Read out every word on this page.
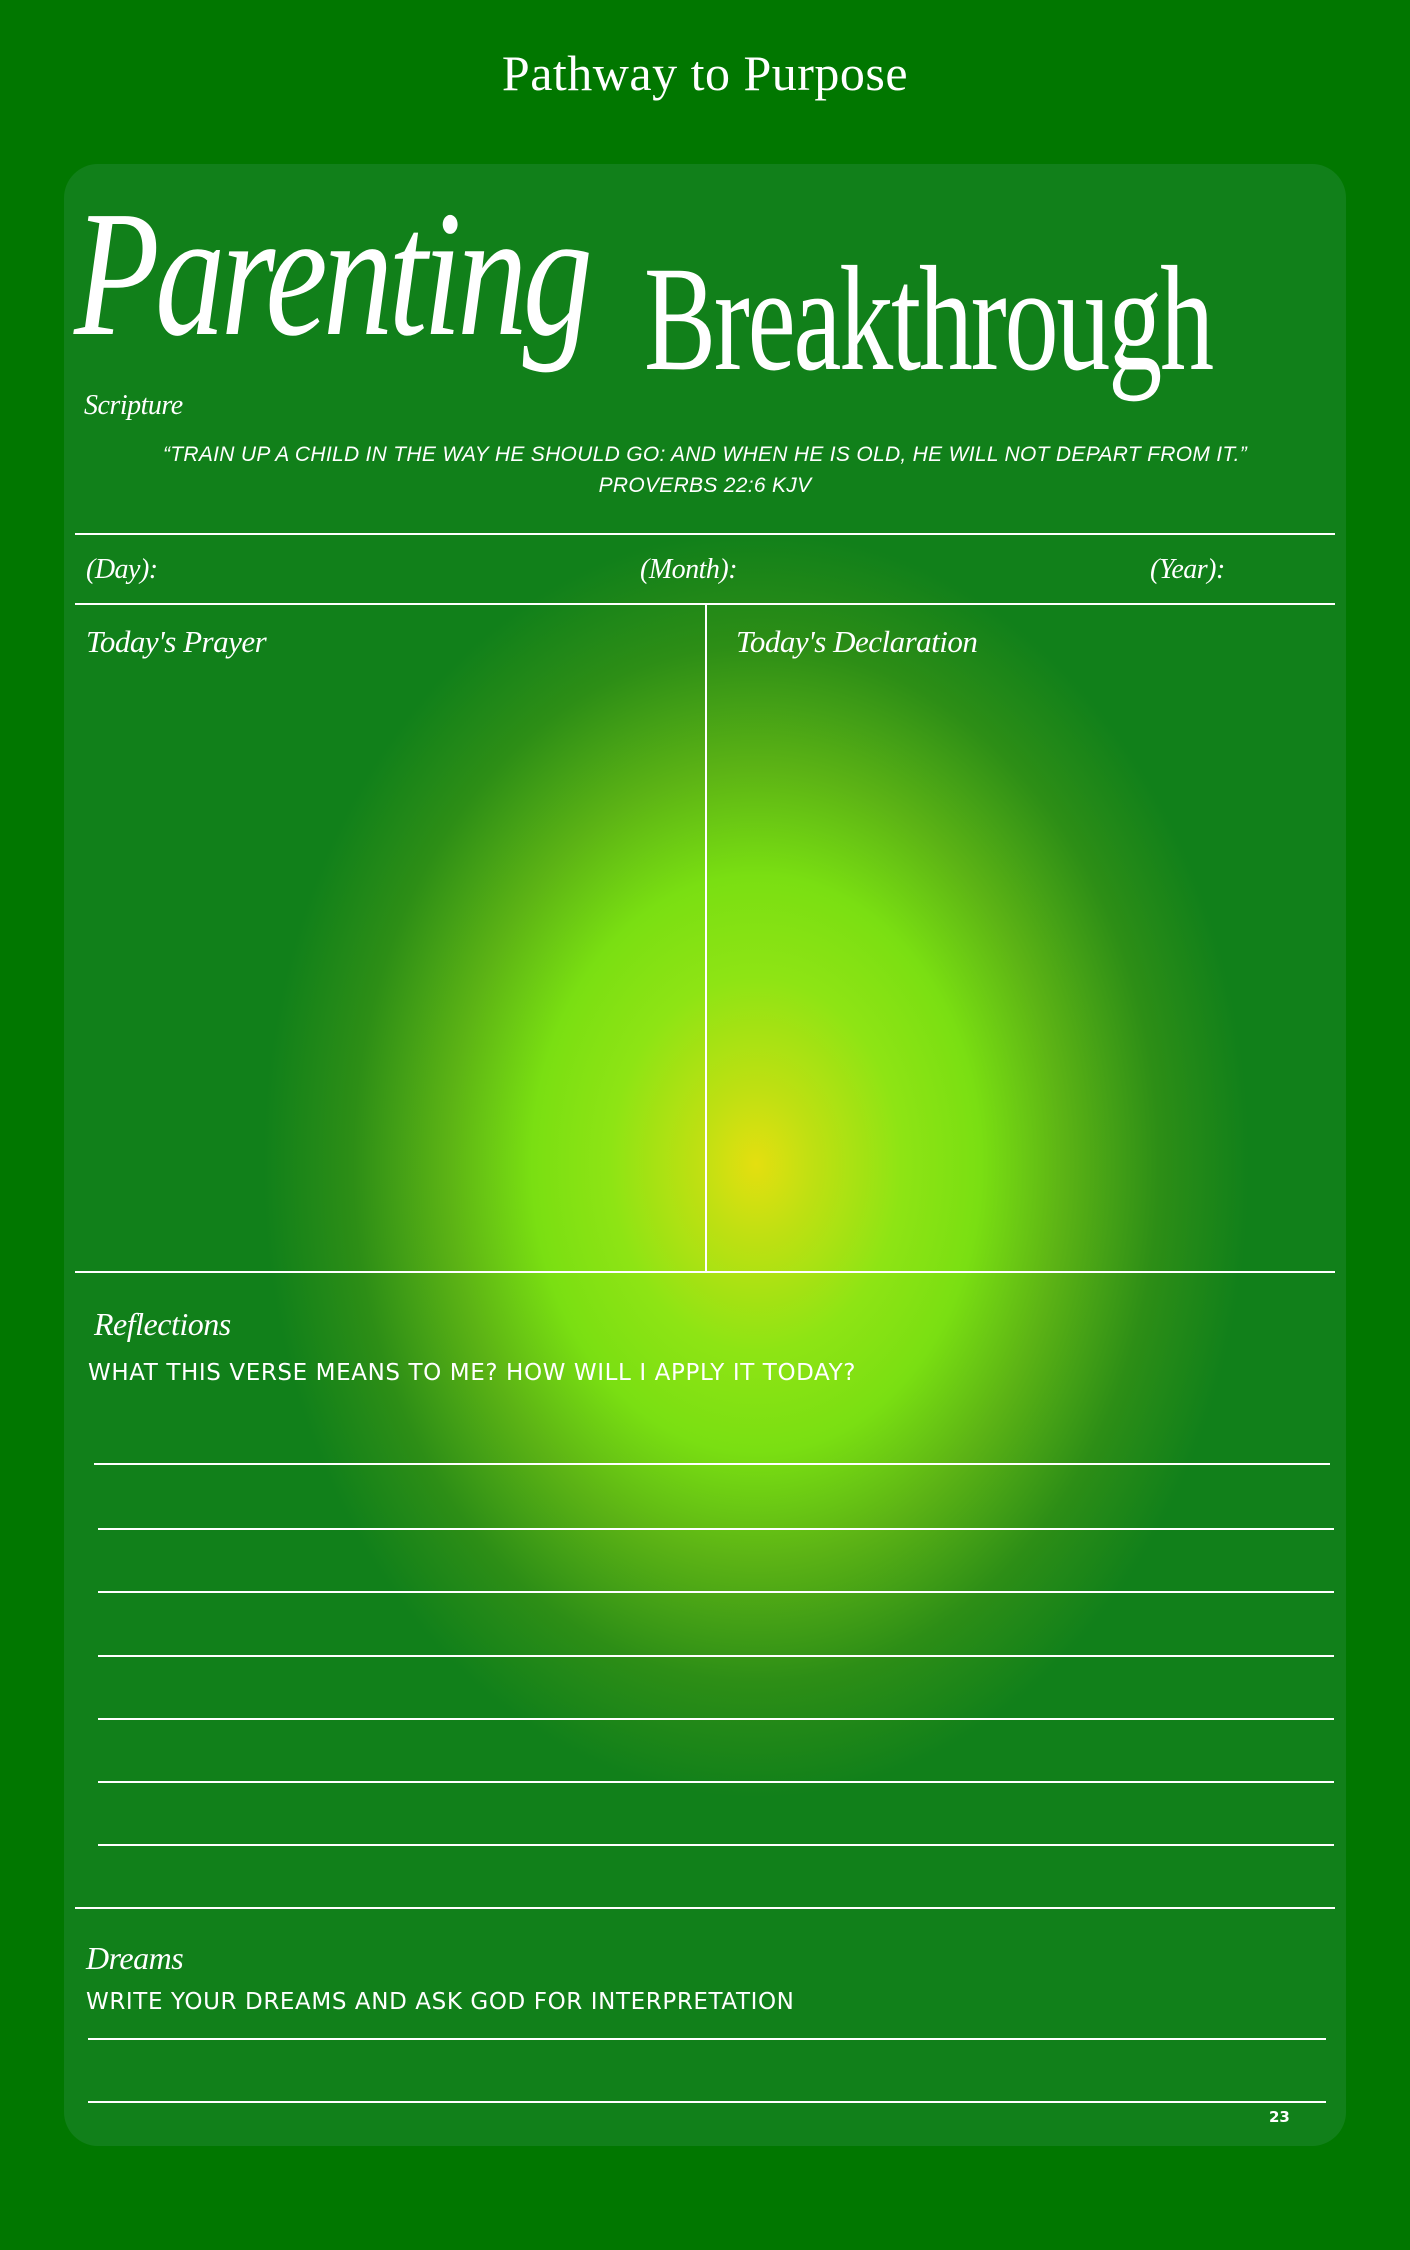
Pathway to Purpose
Parenting Breakthrough
Scripture
“TRAIN UP A CHILD IN THE WAY HE SHOULD GO: AND WHEN HE IS OLD, HE WILL NOT DEPART FROM IT.”
PROVERBS 22:6 KJV
(Day):	(Month):	(Year):
Today's Prayer	Today's Declaration
Reflections
WHAT THIS VERSE MEANS TO ME? HOW WILL I APPLY IT TODAY?
Dreams
WRITE YOUR DREAMS AND ASK GOD FOR INTERPRETATION
23
